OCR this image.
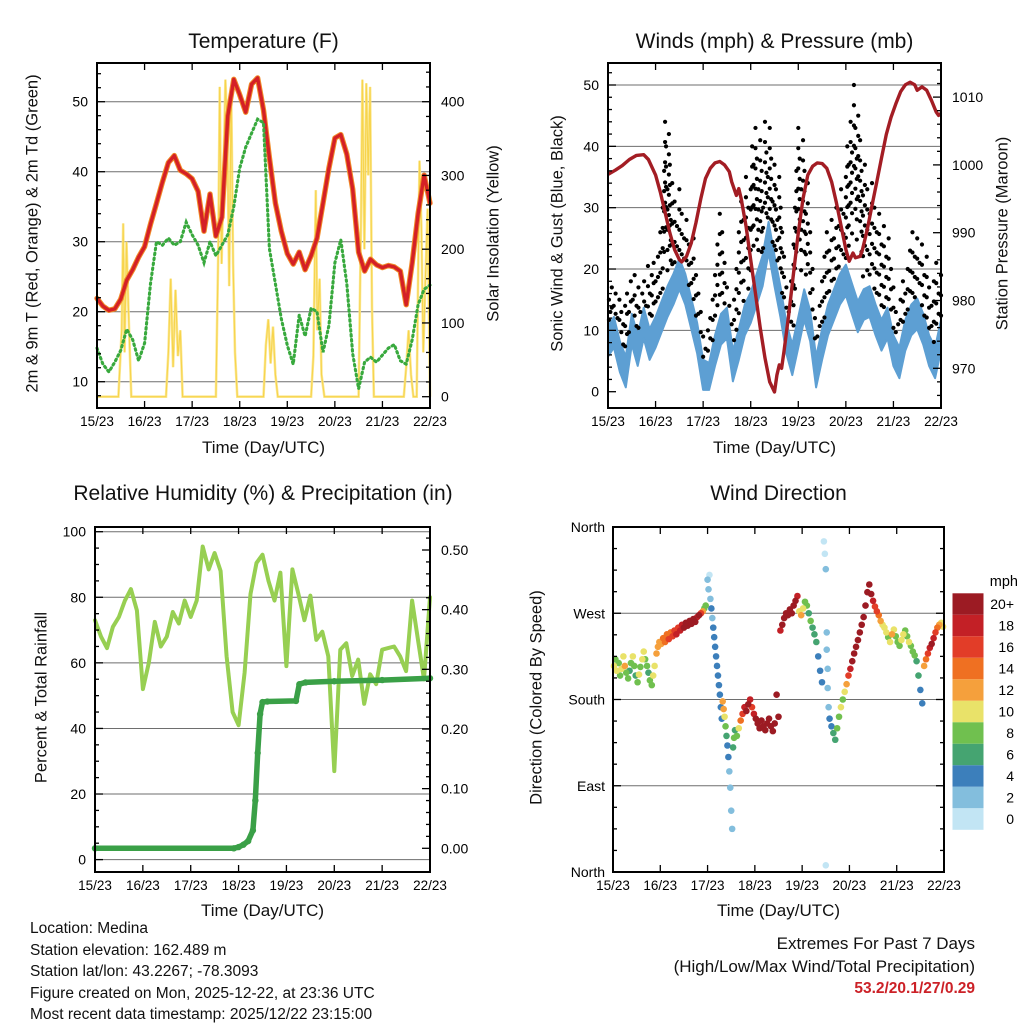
10
20
30
40
50
0
100
200
300
400
15/23 16/23 17/23 18/23 19/23 20/23 21/23 22/23
0
10
20
30
40
50
970
980
990
1000
1010
15/23 16/23 17/23 18/23 19/23 20/23 21/23 22/23
0
20
40
60
80
100
0.00
0.10
0.20
0.30
0.40
0.50
15/23 16/23 17/23 18/23 19/23 20/23 21/23 22/23
North
West
South
East
North
15/23 16/23 17/23 18/23 19/23 20/23 21/23 22/23
mph
20+
18
16
14
12
10
8
6
4
2
0
Temperature (F)	Winds (mph) & Pressure (mb)
Relative Humidity (%) & Precipitation (in)	Wind Direction
Time (Day/UTC)	Time (Day/UTC)
Time (Day/UTC)	Time (Day/UTC)
2m & 9m T (Red, Orange) & 2m Td (Green)	Solar Insolation (Yellow)	Sonic Wind & Gust (Blue, Black)	Station Pressure (Maroon)
Percent & Total Rainfall	Direction (Colored By Speed)
Location: Medina
Station elevation: 162.489 m
Station lat/lon: 43.2267; -78.3093
Figure created on Mon, 2025-12-22, at 23:36 UTC
Most recent data timestamp: 2025/12/22 23:15:00
Extremes For Past 7 Days
(High/Low/Max Wind/Total Precipitation)
53.2/20.1/27/0.29
